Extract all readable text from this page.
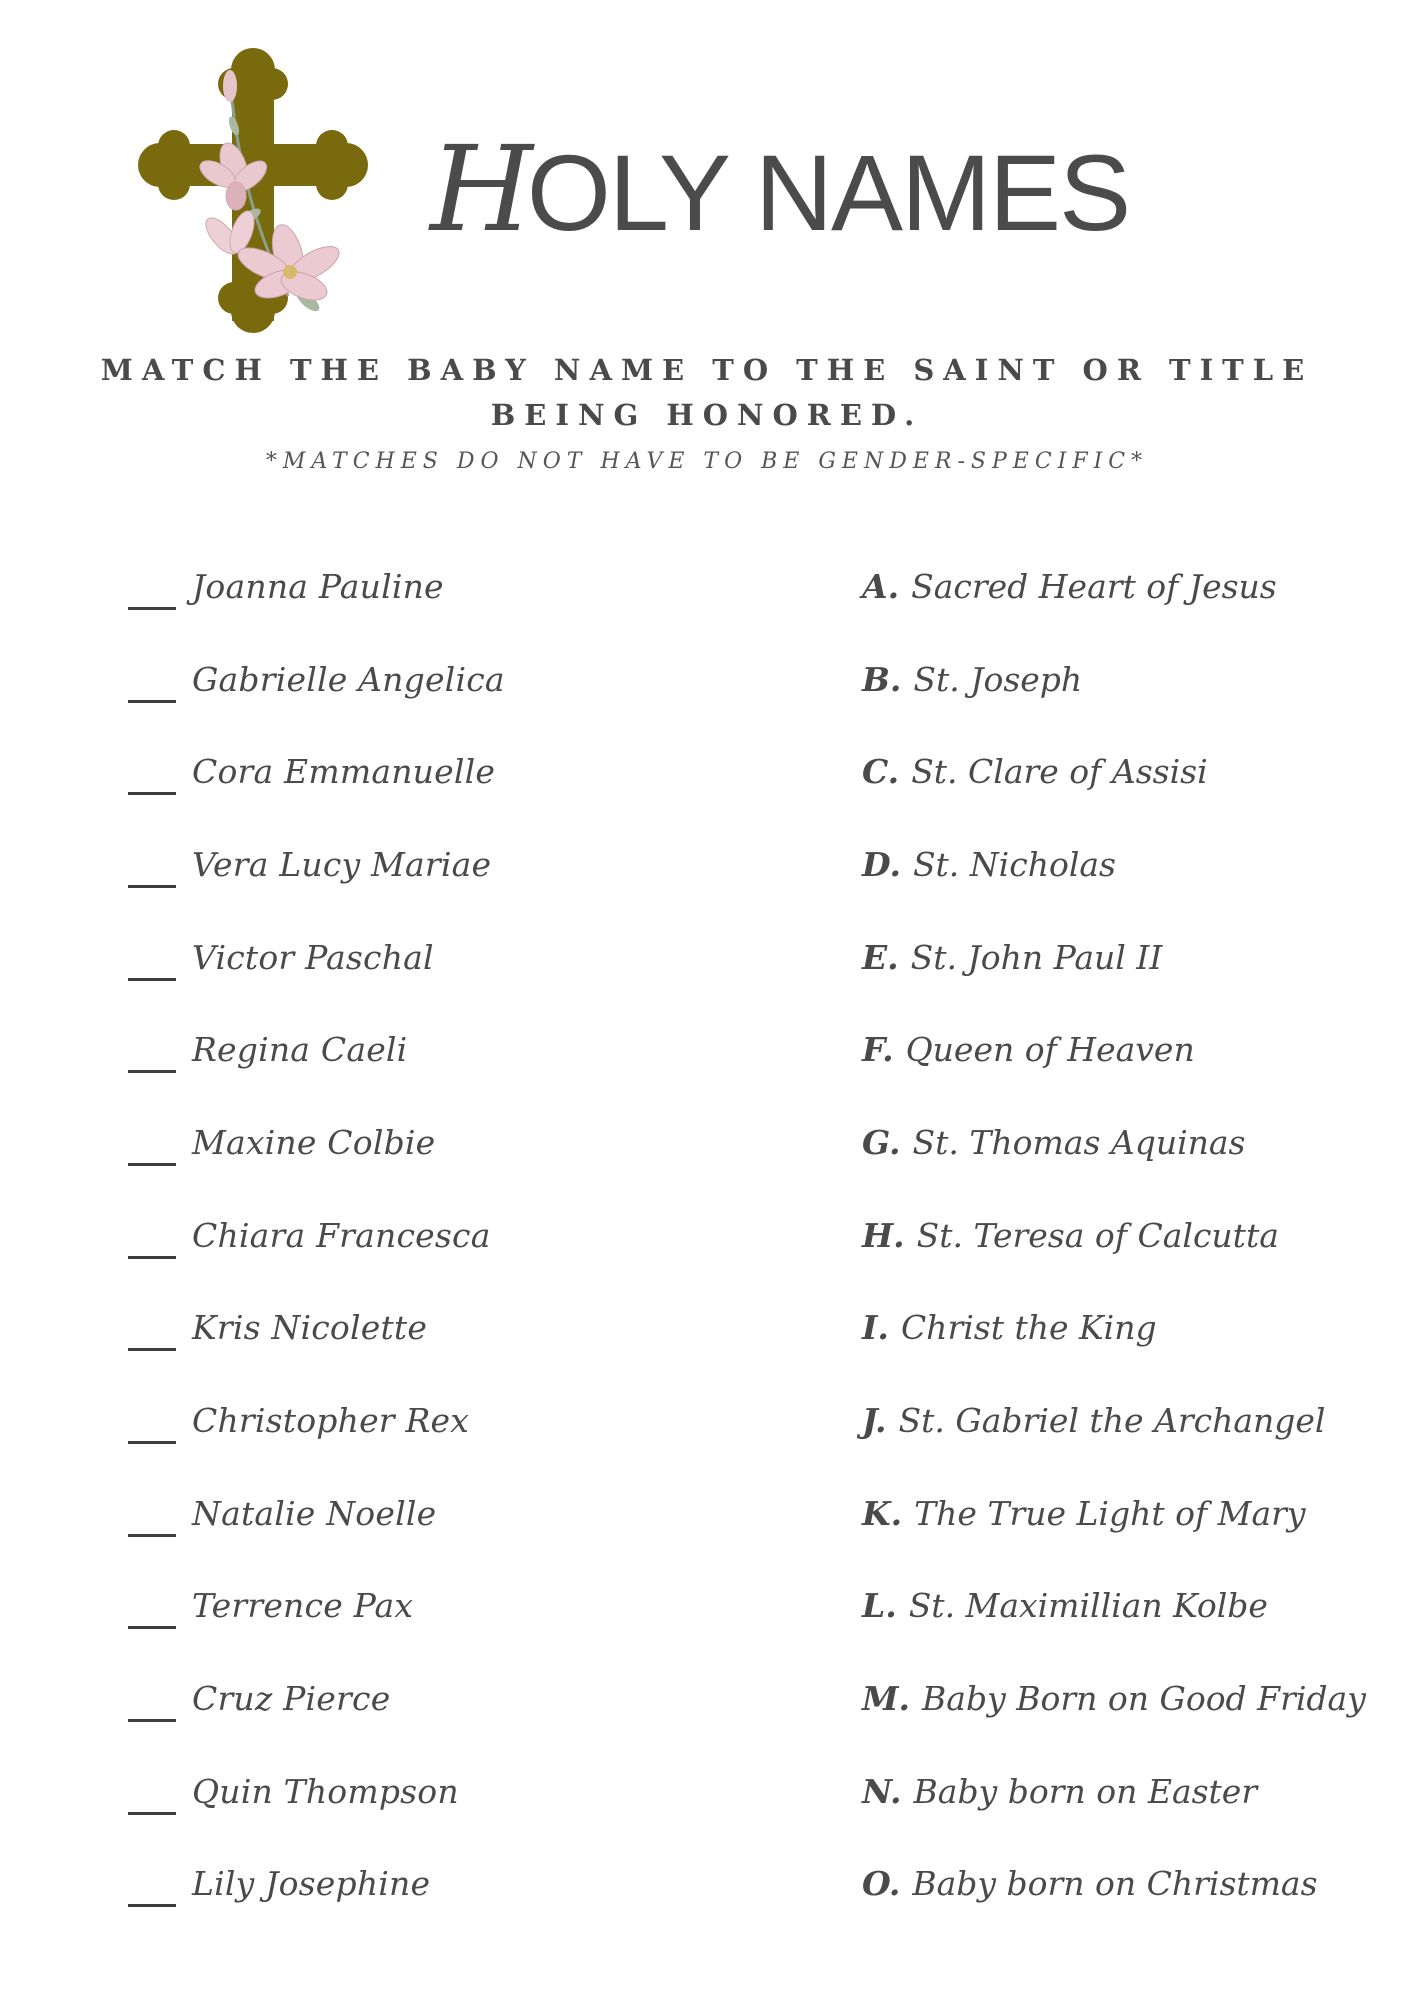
HOLY NAMES
MATCH THE BABY NAME TO THE SAINT OR TITLE BEING HONORED.
*MATCHES DO NOT HAVE TO BE GENDER-SPECIFIC*
Joanna Pauline
Gabrielle Angelica
Cora Emmanuelle
Vera Lucy Mariae
Victor Paschal
Regina Caeli
Maxine Colbie
Chiara Francesca
Kris Nicolette
Christopher Rex
Natalie Noelle
Terrence Pax
Cruz Pierce
Quin Thompson
Lily Josephine
A. Sacred Heart of Jesus
B. St. Joseph
C. St. Clare of Assisi
D. St. Nicholas
E. St. John Paul II
F. Queen of Heaven
G. St. Thomas Aquinas
H. St. Teresa of Calcutta
I. Christ the King
J. St. Gabriel the Archangel
K. The True Light of Mary
L. St. Maximillian Kolbe
M. Baby Born on Good Friday
N. Baby born on Easter
O. Baby born on Christmas
